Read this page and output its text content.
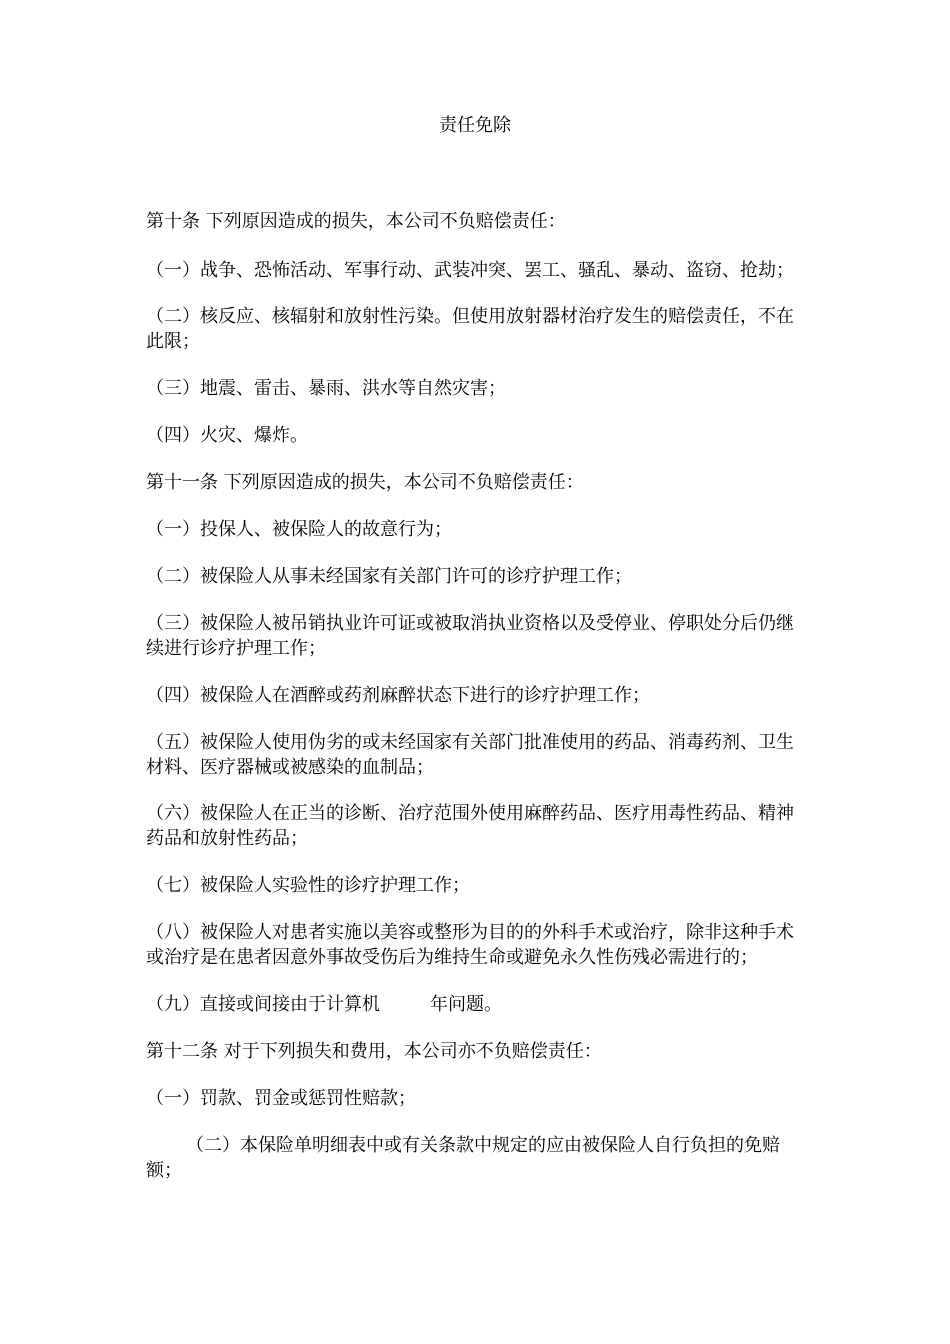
责任免除
第十条 下列原因造成的损失，本公司不负赔偿责任：
（一）战争、恐怖活动、军事行动、武装冲突、罢工、骚乱、暴动、盗窃、抢劫；
（二）核反应、核辐射和放射性污染。但使用放射器材治疗发生的赔偿责任，不在此限；
（三）地震、雷击、暴雨、洪水等自然灾害；
（四）火灾、爆炸。
第十一条 下列原因造成的损失，本公司不负赔偿责任：
（一）投保人、被保险人的故意行为；
（二）被保险人从事未经国家有关部门许可的诊疗护理工作；
（三）被保险人被吊销执业许可证或被取消执业资格以及受停业、停职处分后仍继续进行诊疗护理工作；
（四）被保险人在酒醉或药剂麻醉状态下进行的诊疗护理工作；
（五）被保险人使用伪劣的或未经国家有关部门批准使用的药品、消毒药剂、卫生材料、医疗器械或被感染的血制品；
（六）被保险人在正当的诊断、治疗范围外使用麻醉药品、医疗用毒性药品、精神药品和放射性药品；
（七）被保险人实验性的诊疗护理工作；
（八）被保险人对患者实施以美容或整形为目的的外科手术或治疗，除非这种手术或治疗是在患者因意外事故受伤后为维持生命或避免永久性伤残必需进行的；
（九）直接或间接由于计算机	年问题。
第十二条 对于下列损失和费用，本公司亦不负赔偿责任：
（一）罚款、罚金或惩罚性赔款；
（二）本保险单明细表中或有关条款中规定的应由被保险人自行负担的免赔额；
